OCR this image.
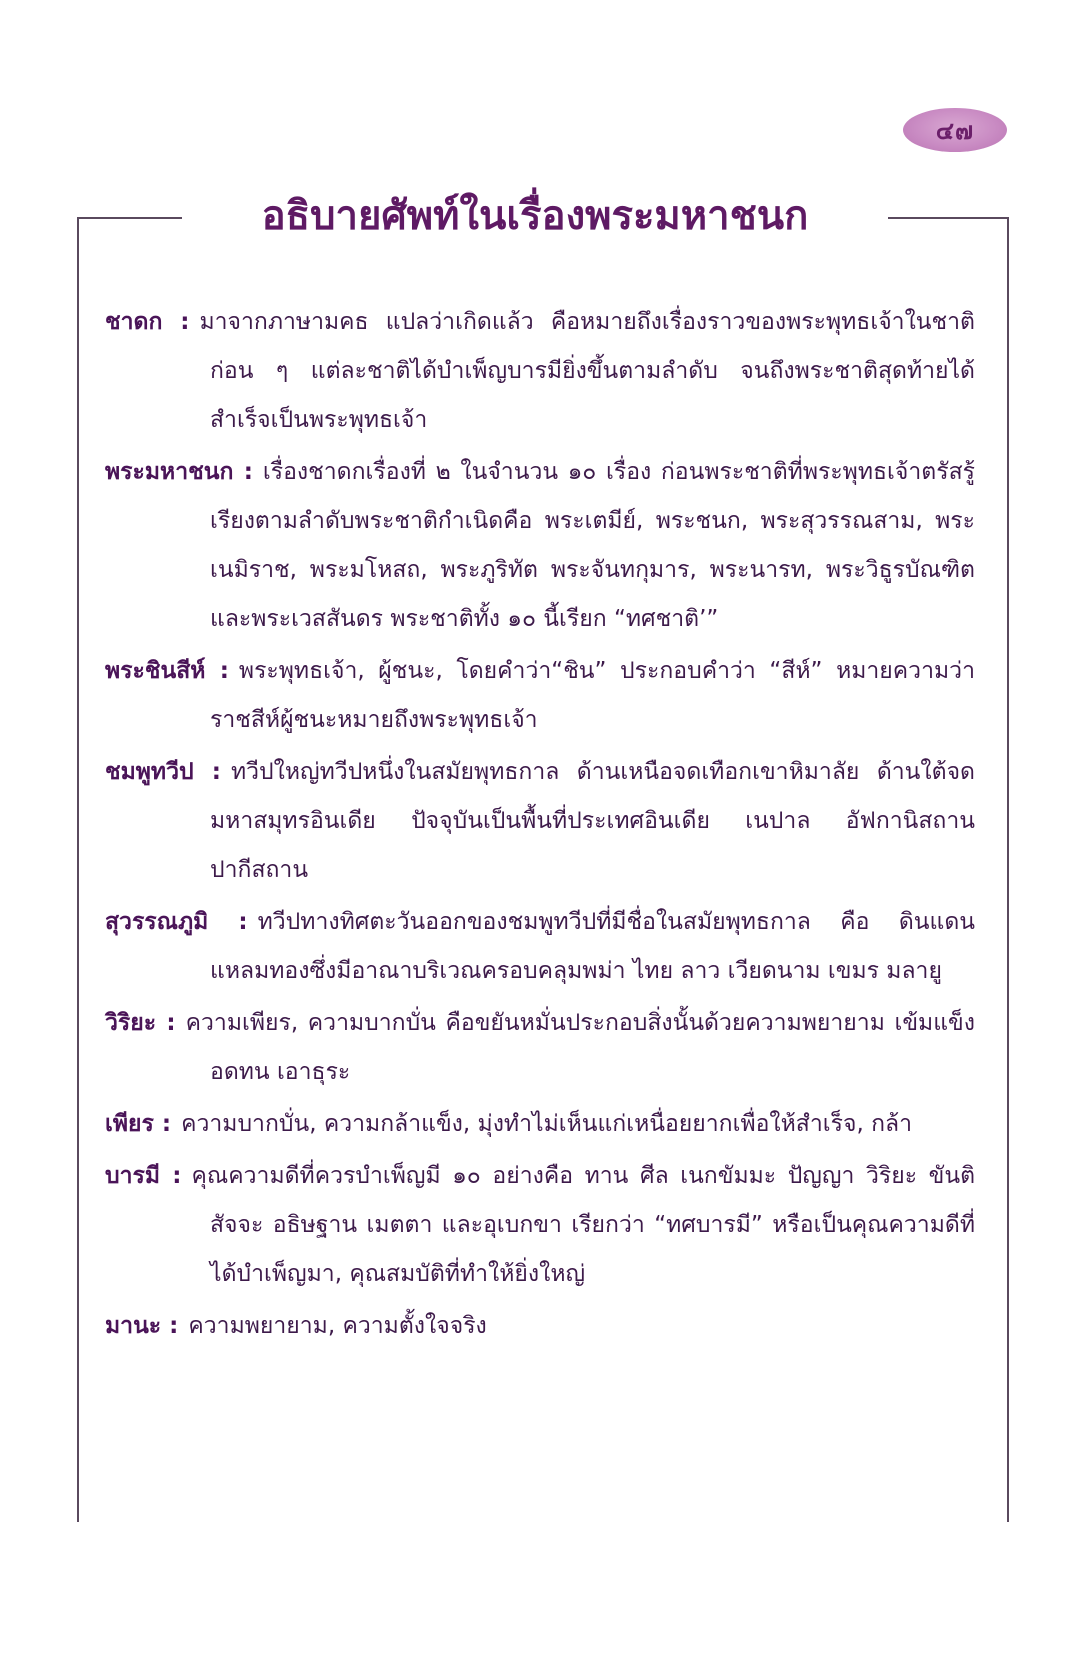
๔๗
อธิบายศัพท์ในเรื่องพระมหาชนก
ชาดก : มาจากภาษามคธ แปลว่าเกิดแล้ว คือหมายถึงเรื่องราวของพระพุทธเจ้าในชาติก่อน ๆ แต่ละชาติได้บำเพ็ญบารมียิ่งขึ้นตามลำดับ จนถึงพระชาติสุดท้ายได้สำเร็จเป็นพระพุทธเจ้า
พระมหาชนก : เรื่องชาดกเรื่องที่ ๒ ในจำนวน ๑๐ เรื่อง ก่อนพระชาติที่พระพุทธเจ้าตรัสรู้ เรียงตามลำดับพระชาติกำเนิดคือ พระเตมีย์, พระชนก, พระสุวรรณสาม, พระเนมิราช, พระมโหสถ, พระภูริทัต พระจันทกุมาร, พระนารท, พระวิธูรบัณฑิต และพระเวสสันดร พระชาติทั้ง ๑๐ นี้เรียก “ทศชาติ’”
พระชินสีห์ : พระพุทธเจ้า, ผู้ชนะ, โดยคำว่า“ชิน” ประกอบคำว่า “สีห์” หมายความว่า ราชสีห์ผู้ชนะหมายถึงพระพุทธเจ้า
ชมพูทวีป : ทวีปใหญ่ทวีปหนึ่งในสมัยพุทธกาล ด้านเหนือจดเทือกเขาหิมาลัย ด้านใต้จดมหาสมุทรอินเดีย ปัจจุบันเป็นพื้นที่ประเทศอินเดีย เนปาล อัฟกานิสถาน ปากีสถาน
สุวรรณภูมิ : ทวีปทางทิศตะวันออกของชมพูทวีปที่มีชื่อในสมัยพุทธกาล คือ ดินแดนแหลมทองซึ่งมีอาณาบริเวณครอบคลุมพม่า ไทย ลาว เวียดนาม เขมร มลายู
วิริยะ : ความเพียร, ความบากบั่น คือขยันหมั่นประกอบสิ่งนั้นด้วยความพยายาม เข้มแข็ง อดทน เอาธุระ
เพียร : ความบากบั่น, ความกล้าแข็ง, มุ่งทำไม่เห็นแก่เหนื่อยยากเพื่อให้สำเร็จ, กล้า
บารมี : คุณความดีที่ควรบำเพ็ญมี ๑๐ อย่างคือ ทาน ศีล เนกขัมมะ ปัญญา วิริยะ ขันติ สัจจะ อธิษฐาน เมตตา และอุเบกขา เรียกว่า “ทศบารมี” หรือเป็นคุณความดีที่ได้บำเพ็ญมา, คุณสมบัติที่ทำให้ยิ่งใหญ่
มานะ : ความพยายาม, ความตั้งใจจริง
